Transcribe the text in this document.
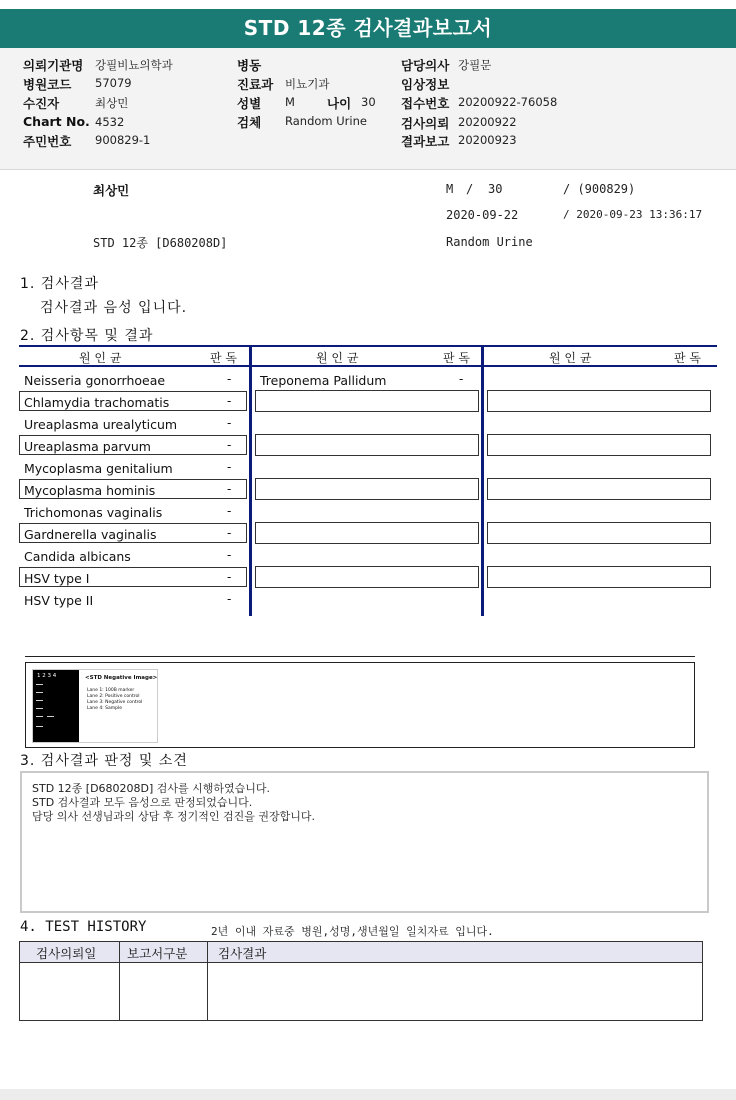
STD 12종 검사결과보고서
의뢰기관명 강필비뇨의학과
병원코드 57079
수진자	최상민
Chart No. 4532
주민번호 900829-1
병동
진료과 비뇨기과
성별 M	나이 30
검체 Random Urine
담당의사 강필문
임상정보
접수번호 20200922-76058
검사의뢰 20200922
결과보고 20200923
최상민	M / 30	/ (900829)
2020-09-22	/ 2020-09-23 13:36:17
STD 12종 [D680208D]	Random Urine
1. 검사결과
검사결과 음성 입니다.
2. 검사항목 및 결과
원 인 균	판 독	원 인 균	판 독	원 인 균	판 독
Neisseria gonorrhoeae	-
Chlamydia trachomatis	-
Ureaplasma urealyticum	-
Ureaplasma parvum	-
Mycoplasma genitalium	-
Mycoplasma hominis	-
Trichomonas vaginalis	-
Gardnerella vaginalis	-
Candida albicans	-
HSV type I	-
HSV type II	-
Treponema Pallidum	-
1 2 3 4	<STD Negative Image>
Lane 1: 100B marker
Lane 2: Positive control
Lane 3: Negative control
Lane 4: Sample
3. 검사결과 판정 및 소견
STD 12종 [D680208D] 검사를 시행하였습니다.
STD 검사결과 모두 음성으로 판정되었습니다.
담당 의사 선생님과의 상담 후 정기적인 검진을 권장합니다.
4. TEST HISTORY	2년 이내 자료중 병원,성명,생년월일 일치자료 입니다.
검사의뢰일 보고서구분 검사결과
